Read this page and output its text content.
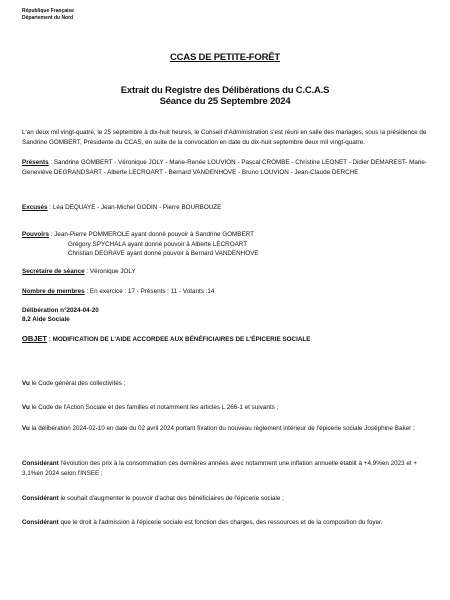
République Française
Département du Nord
CCAS DE PETITE-FORÊT
Extrait du Registre des Délibérations du C.C.A.S
Séance du 25 Septembre 2024
L'an deux mil vingt-quatre, le 25 septembre à dix-huit heures, le Conseil d'Administration s'est réuni en salle des mariages, sous la présidence de Sandrine GOMBERT, Présidente du CCAS, en suite de la convocation en date du dix-huit septembre deux mil vingt-quatre.
Présents : Sandrine GOMBERT - Véronique JOLY - Marie-Renée LOUVION - Pascal CROMBE - Christine LEONET - Didier DEMAREST- Marie-Geneviève DEGRANDSART - Alberte LECROART - Bernard VANDENHOVE - Bruno LOUVION - Jean-Claude DERCHE
Excusés : Léa DEQUAYE - Jean-Michel GODIN - Pierre BOURBOUZE
Pouvoirs : Jean-Pierre POMMEROLE ayant donné pouvoir à Sandrine GOMBERT
Grégory SPYCHALA ayant donné pouvoir à Alberte LECROART
Christian DEGRAVE ayant donné pouvoir à Bernard VANDENHOVE
Secrétaire de séance : Véronique JOLY
Nombre de membres : En exercice : 17 - Présents : 11 - Votants :14
Délibération n°2024-04-20
8.2 Aide Sociale
OBJET : MODIFICATION DE L'AIDE ACCORDEE AUX BÉNÉFICIAIRES DE L'ÉPICERIE SOCIALE
Vu le Code général des collectivités ;
Vu le Code de l'Action Sociale et des familles et notamment les articles L 266-1 et suivants ;
Vu la délibération 2024-02-10 en date du 02 avril 2024 portant fixation du nouveau règlement intérieur de l'épicerie sociale Joséphine Baker ;
Considérant l'évolution des prix à la consommation ces dernières années avec notamment une inflation annuelle établit à +4,9%en 2023 et + 3,1%en 2024 selon l'INSEE ;
Considérant le souhait d'augmenter le pouvoir d'achat des bénéficiaires de l'épicerie sociale ;
Considérant que le droit à l'admission à l'épicerie sociale est fonction des charges, des ressources et de la composition du foyer.
